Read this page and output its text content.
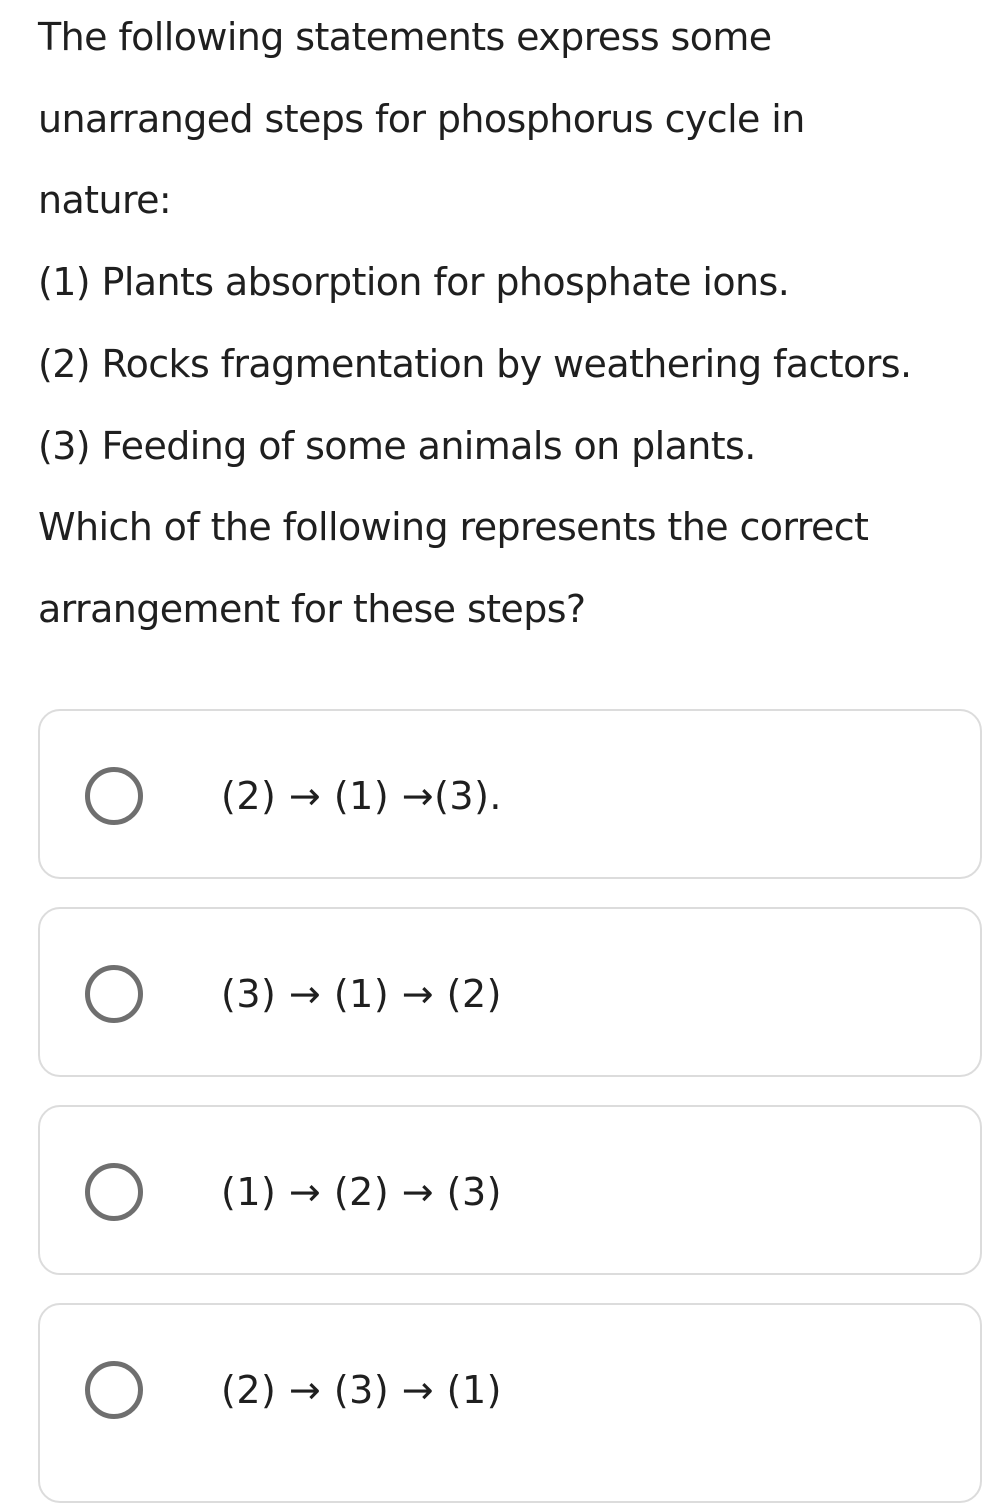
The following statements express some
unarranged steps for phosphorus cycle in
nature:
(1) Plants absorption for phosphate ions.
(2) Rocks fragmentation by weathering factors.
(3) Feeding of some animals on plants.
Which of the following represents the correct
arrangement for these steps?
(2) → (1) →(3).
(3) → (1) → (2)
(1) → (2) → (3)
(2) → (3) → (1)
